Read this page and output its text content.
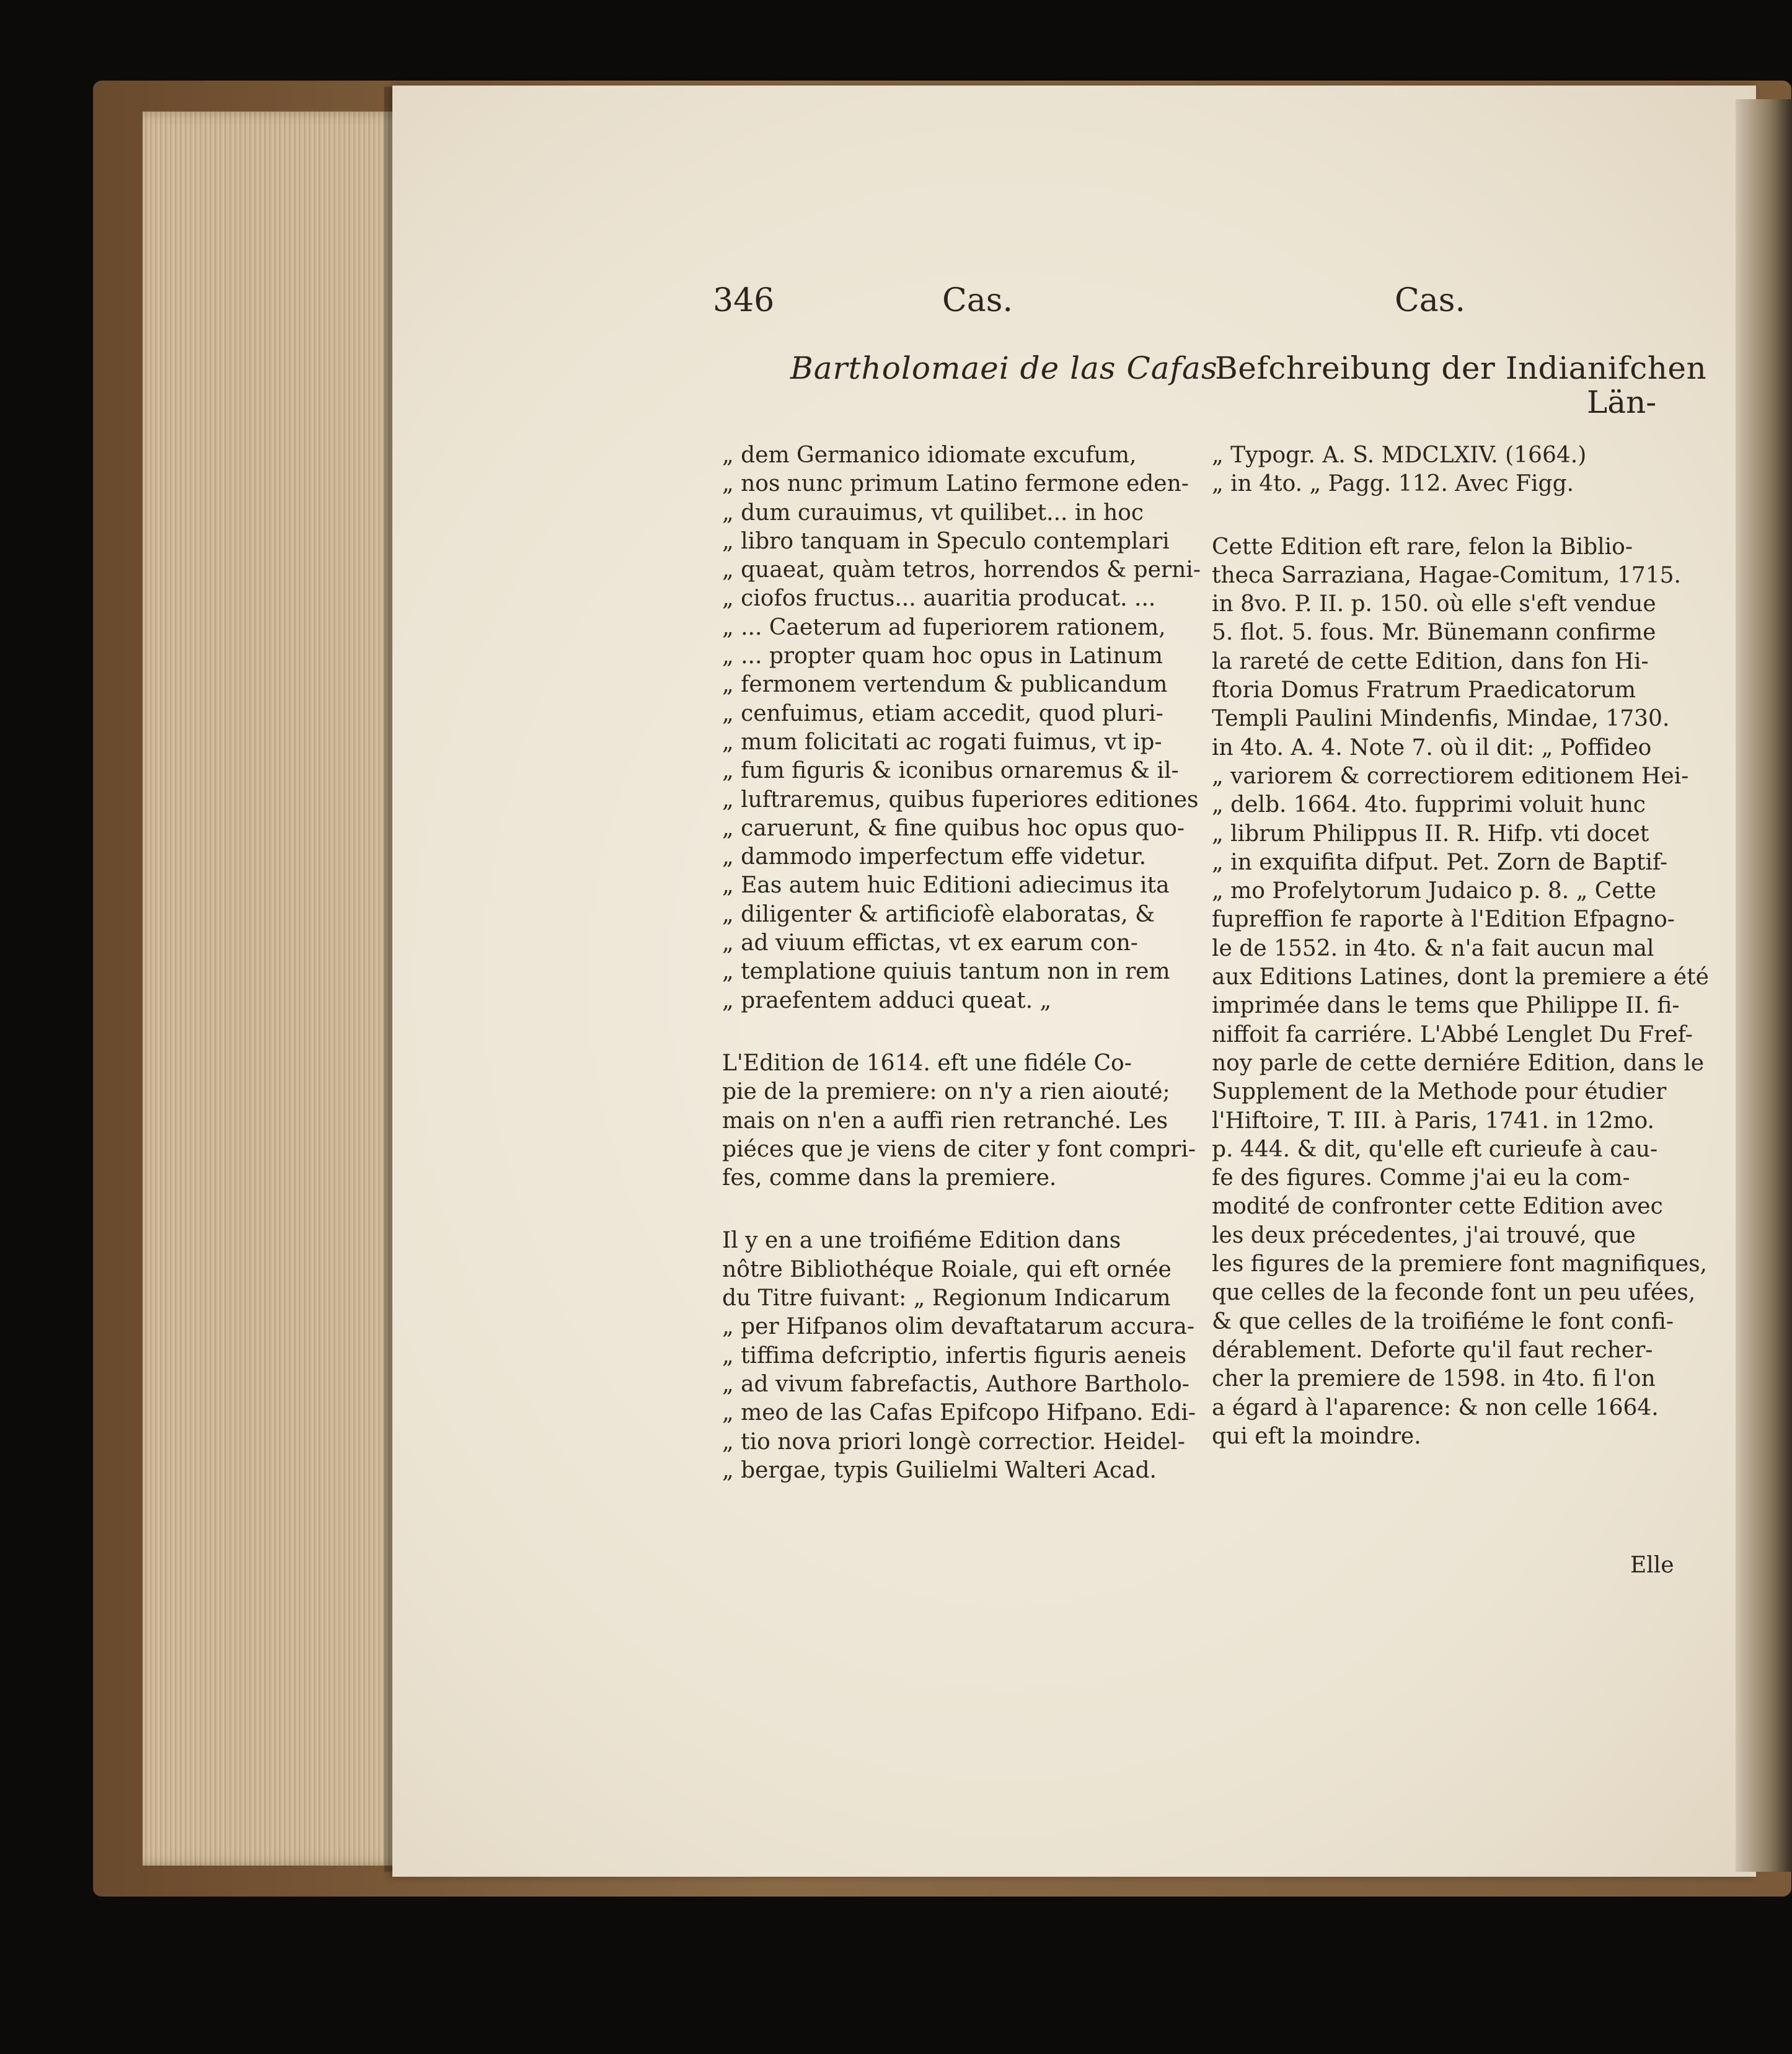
346	Cas.	Cas.
Bartholomaei de las Cafas
Befchreibung der Indianifchen
Län-
„ dem Germanico idiomate excufum,
„ nos nunc primum Latino fermone eden-
„ dum curauimus, vt quilibet... in hoc
„ libro tanquam in Speculo contemplari
„ quaeat, quàm tetros, horrendos & perni-
„ ciofos fructus... auaritia producat. ...
„ ... Caeterum ad fuperiorem rationem,
„ ... propter quam hoc opus in Latinum
„ fermonem vertendum & publicandum
„ cenfuimus, etiam accedit, quod pluri-
„ mum folicitati ac rogati fuimus, vt ip-
„ fum figuris & iconibus ornaremus & il-
„ luftraremus, quibus fuperiores editiones
„ caruerunt, & fine quibus hoc opus quo-
„ dammodo imperfectum effe videtur.
„ Eas autem huic Editioni adiecimus ita
„ diligenter & artificiofè elaboratas, &
„ ad viuum effictas, vt ex earum con-
„ templatione quiuis tantum non in rem
„ praefentem adduci queat. „
L'Edition de 1614. eft une fidéle Co-
pie de la premiere: on n'y a rien aiouté;
mais on n'en a auffi rien retranché. Les
piéces que je viens de citer y font compri-
fes, comme dans la premiere.
Il y en a une troifiéme Edition dans
nôtre Bibliothéque Roiale, qui eft ornée
du Titre fuivant: „ Regionum Indicarum
„ per Hifpanos olim devaftatarum accura-
„ tiffima defcriptio, infertis figuris aeneis
„ ad vivum fabrefactis, Authore Bartholo-
„ meo de las Cafas Epifcopo Hifpano. Edi-
„ tio nova priori longè correctior. Heidel-
„ bergae, typis Guilielmi Walteri Acad.
„ Typogr. A. S. MDCLXIV. (1664.)
„ in 4to. „ Pagg. 112. Avec Figg.
Cette Edition eft rare, felon la Biblio-
theca Sarraziana, Hagae-Comitum, 1715.
in 8vo. P. II. p. 150. où elle s'eft vendue
5. flot. 5. fous. Mr. Bünemann confirme
la rareté de cette Edition, dans fon Hi-
ftoria Domus Fratrum Praedicatorum
Templi Paulini Mindenfis, Mindae, 1730.
in 4to. A. 4. Note 7. où il dit: „ Poffideo
„ variorem & correctiorem editionem Hei-
„ delb. 1664. 4to. fupprimi voluit hunc
„ librum Philippus II. R. Hifp. vti docet
„ in exquifita difput. Pet. Zorn de Baptif-
„ mo Profelytorum Judaico p. 8. „ Cette
fupreffion fe raporte à l'Edition Efpagno-
le de 1552. in 4to. & n'a fait aucun mal
aux Editions Latines, dont la premiere a été
imprimée dans le tems que Philippe II. fi-
niffoit fa carriére. L'Abbé Lenglet Du Fref-
noy parle de cette derniére Edition, dans le
Supplement de la Methode pour étudier
l'Hiftoire, T. III. à Paris, 1741. in 12mo.
p. 444. & dit, qu'elle eft curieufe à cau-
fe des figures. Comme j'ai eu la com-
modité de confronter cette Edition avec
les deux précedentes, j'ai trouvé, que
les figures de la premiere font magnifiques,
que celles de la feconde font un peu ufées,
& que celles de la troifiéme le font confi-
dérablement. Deforte qu'il faut recher-
cher la premiere de 1598. in 4to. fi l'on
a égard à l'aparence: & non celle 1664.
qui eft la moindre.
Elle
